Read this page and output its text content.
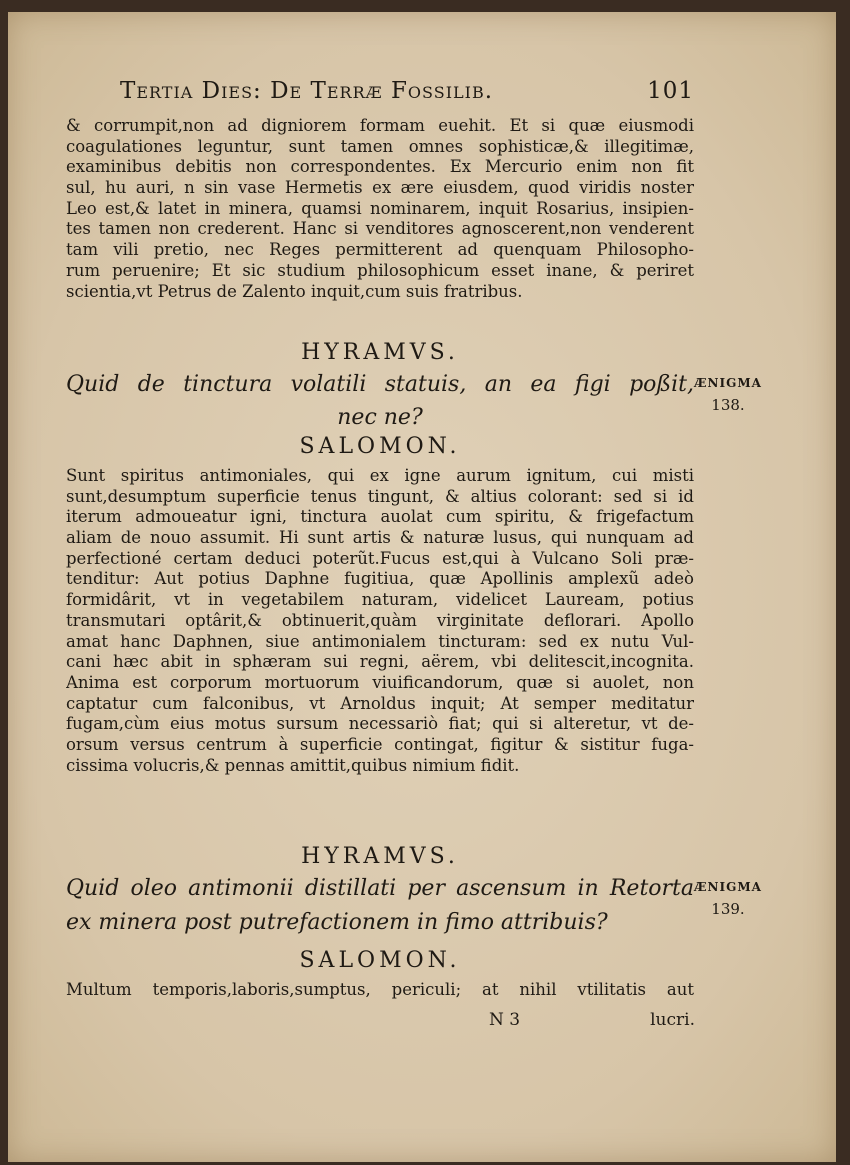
Tertia Dies: De Terræ Fossilib.	101
& corrumpit,non ad digniorem formam euehit. Et si quæ eiusmodi
coagulationes leguntur, sunt tamen omnes sophisticæ,& illegitimæ,
examinibus debitis non correspondentes. Ex Mercurio enim non fit
sul, hu auri, n sin vase Hermetis ex ære eiusdem, quod viridis noster
Leo est,& latet in minera, quamsi nominarem, inquit Rosarius, insipien-
tes tamen non crederent. Hanc si venditores agnoscerent,non venderent
tam vili pretio, nec Reges permitterent ad quenquam Philosopho-
rum peruenire; Et sic studium philosophicum esset inane, & periret
scientia,vt Petrus de Zalento inquit,cum suis fratribus.
HYRAMVS.
Quid de tinctura volatili statuis, an ea figi poßit,
nec ne?
ÆNIGMA
138.
SALOMON.
Sunt spiritus antimoniales, qui ex igne aurum ignitum, cui misti
sunt,desumptum superficie tenus tingunt, & altius colorant: sed si id
iterum admoueatur igni, tinctura auolat cum spiritu, & frigefactum
aliam de nouo assumit. Hi sunt artis & naturæ lusus, qui nunquam ad
perfectioné certam deduci poterũt.Fucus est,qui à Vulcano Soli præ-
tenditur: Aut potius Daphne fugitiua, quæ Apollinis amplexũ adeò
formidârit, vt in vegetabilem naturam, videlicet Lauream, potius
transmutari optârit,& obtinuerit,quàm virginitate deflorari. Apollo
amat hanc Daphnen, siue antimonialem tincturam: sed ex nutu Vul-
cani hæc abit in sphæram sui regni, aërem, vbi delitescit,incognita.
Anima est corporum mortuorum viuificandorum, quæ si auolet, non
captatur cum falconibus, vt Arnoldus inquit; At semper meditatur
fugam,cùm eius motus sursum necessariò fiat; qui si alteretur, vt de-
orsum versus centrum à superficie contingat, figitur & sistitur fuga-
cissima volucris,& pennas amittit,quibus nimium fidit.
HYRAMVS.
Quid oleo antimonii distillati per ascensum in Retorta
ex minera post putrefactionem in fimo attribuis?
ÆNIGMA
139.
SALOMON.
Multum temporis,laboris,sumptus, periculi; at nihil vtilitatis aut
N 3	lucri.
